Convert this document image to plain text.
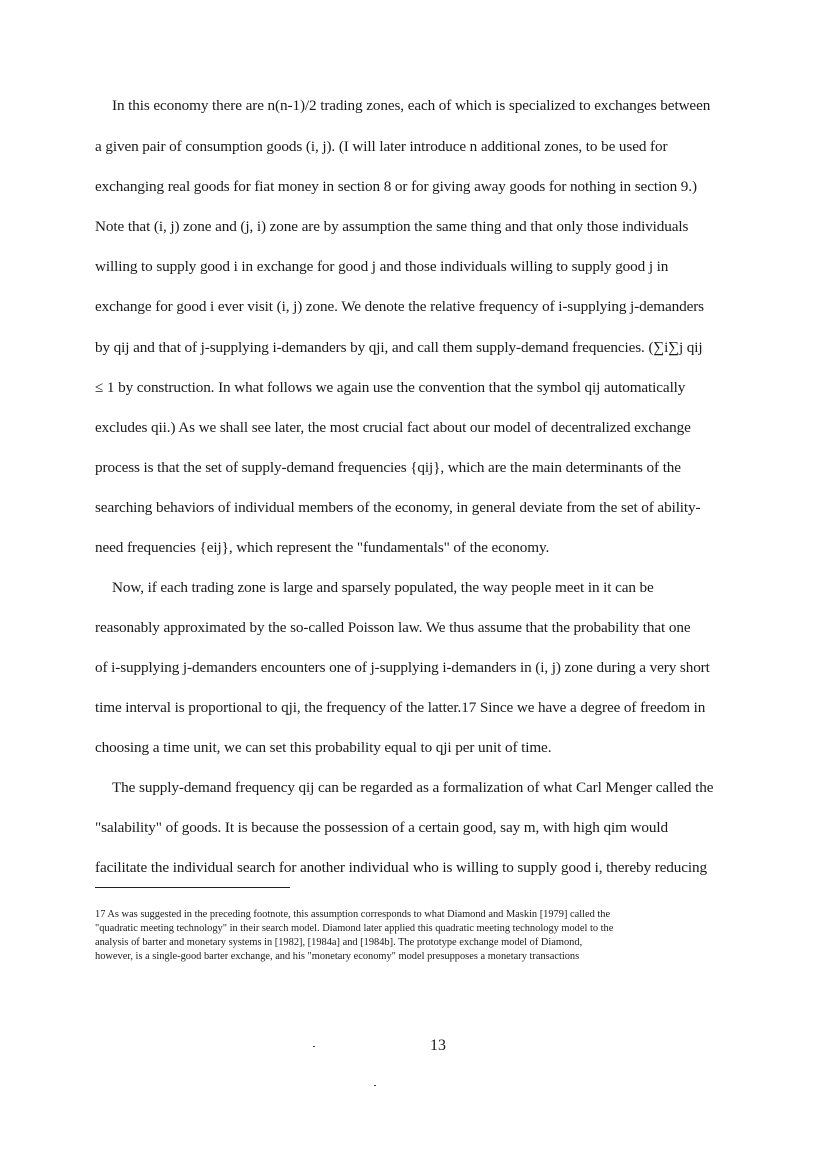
In this economy there are n(n-1)/2 trading zones, each of which is specialized to exchanges between
a given pair of consumption goods (i, j). (I will later introduce n additional zones, to be used for
exchanging real goods for fiat money in section 8 or for giving away goods for nothing in section 9.)
Note that (i, j) zone and (j, i) zone are by assumption the same thing and that only those individuals
willing to supply good i in exchange for good j and those individuals willing to supply good j in
exchange for good i ever visit (i, j) zone. We denote the relative frequency of i-supplying j-demanders
by qij and that of j-supplying i-demanders by qji, and call them supply-demand frequencies. (∑i∑j qij
≤ 1 by construction. In what follows we again use the convention that the symbol qij automatically
excludes qii.) As we shall see later, the most crucial fact about our model of decentralized exchange
process is that the set of supply-demand frequencies {qij}, which are the main determinants of the
searching behaviors of individual members of the economy, in general deviate from the set of ability-
need frequencies {eij}, which represent the "fundamentals" of the economy.
Now, if each trading zone is large and sparsely populated, the way people meet in it can be
reasonably approximated by the so-called Poisson law. We thus assume that the probability that one
of i-supplying j-demanders encounters one of j-supplying i-demanders in (i, j) zone during a very short
time interval is proportional to qji, the frequency of the latter.17 Since we have a degree of freedom in
choosing a time unit, we can set this probability equal to qji per unit of time.
The supply-demand frequency qij can be regarded as a formalization of what Carl Menger called the
"salability" of goods. It is because the possession of a certain good, say m, with high qim would
facilitate the individual search for another individual who is willing to supply good i, thereby reducing
17 As was suggested in the preceding footnote, this assumption corresponds to what Diamond and Maskin [1979] called the
"quadratic meeting technology" in their search model. Diamond later applied this quadratic meeting technology model to the
analysis of barter and monetary systems in [1982], [1984a] and [1984b]. The prototype exchange model of Diamond,
however, is a single-good barter exchange, and his "monetary economy" model presupposes a monetary transactions
13
